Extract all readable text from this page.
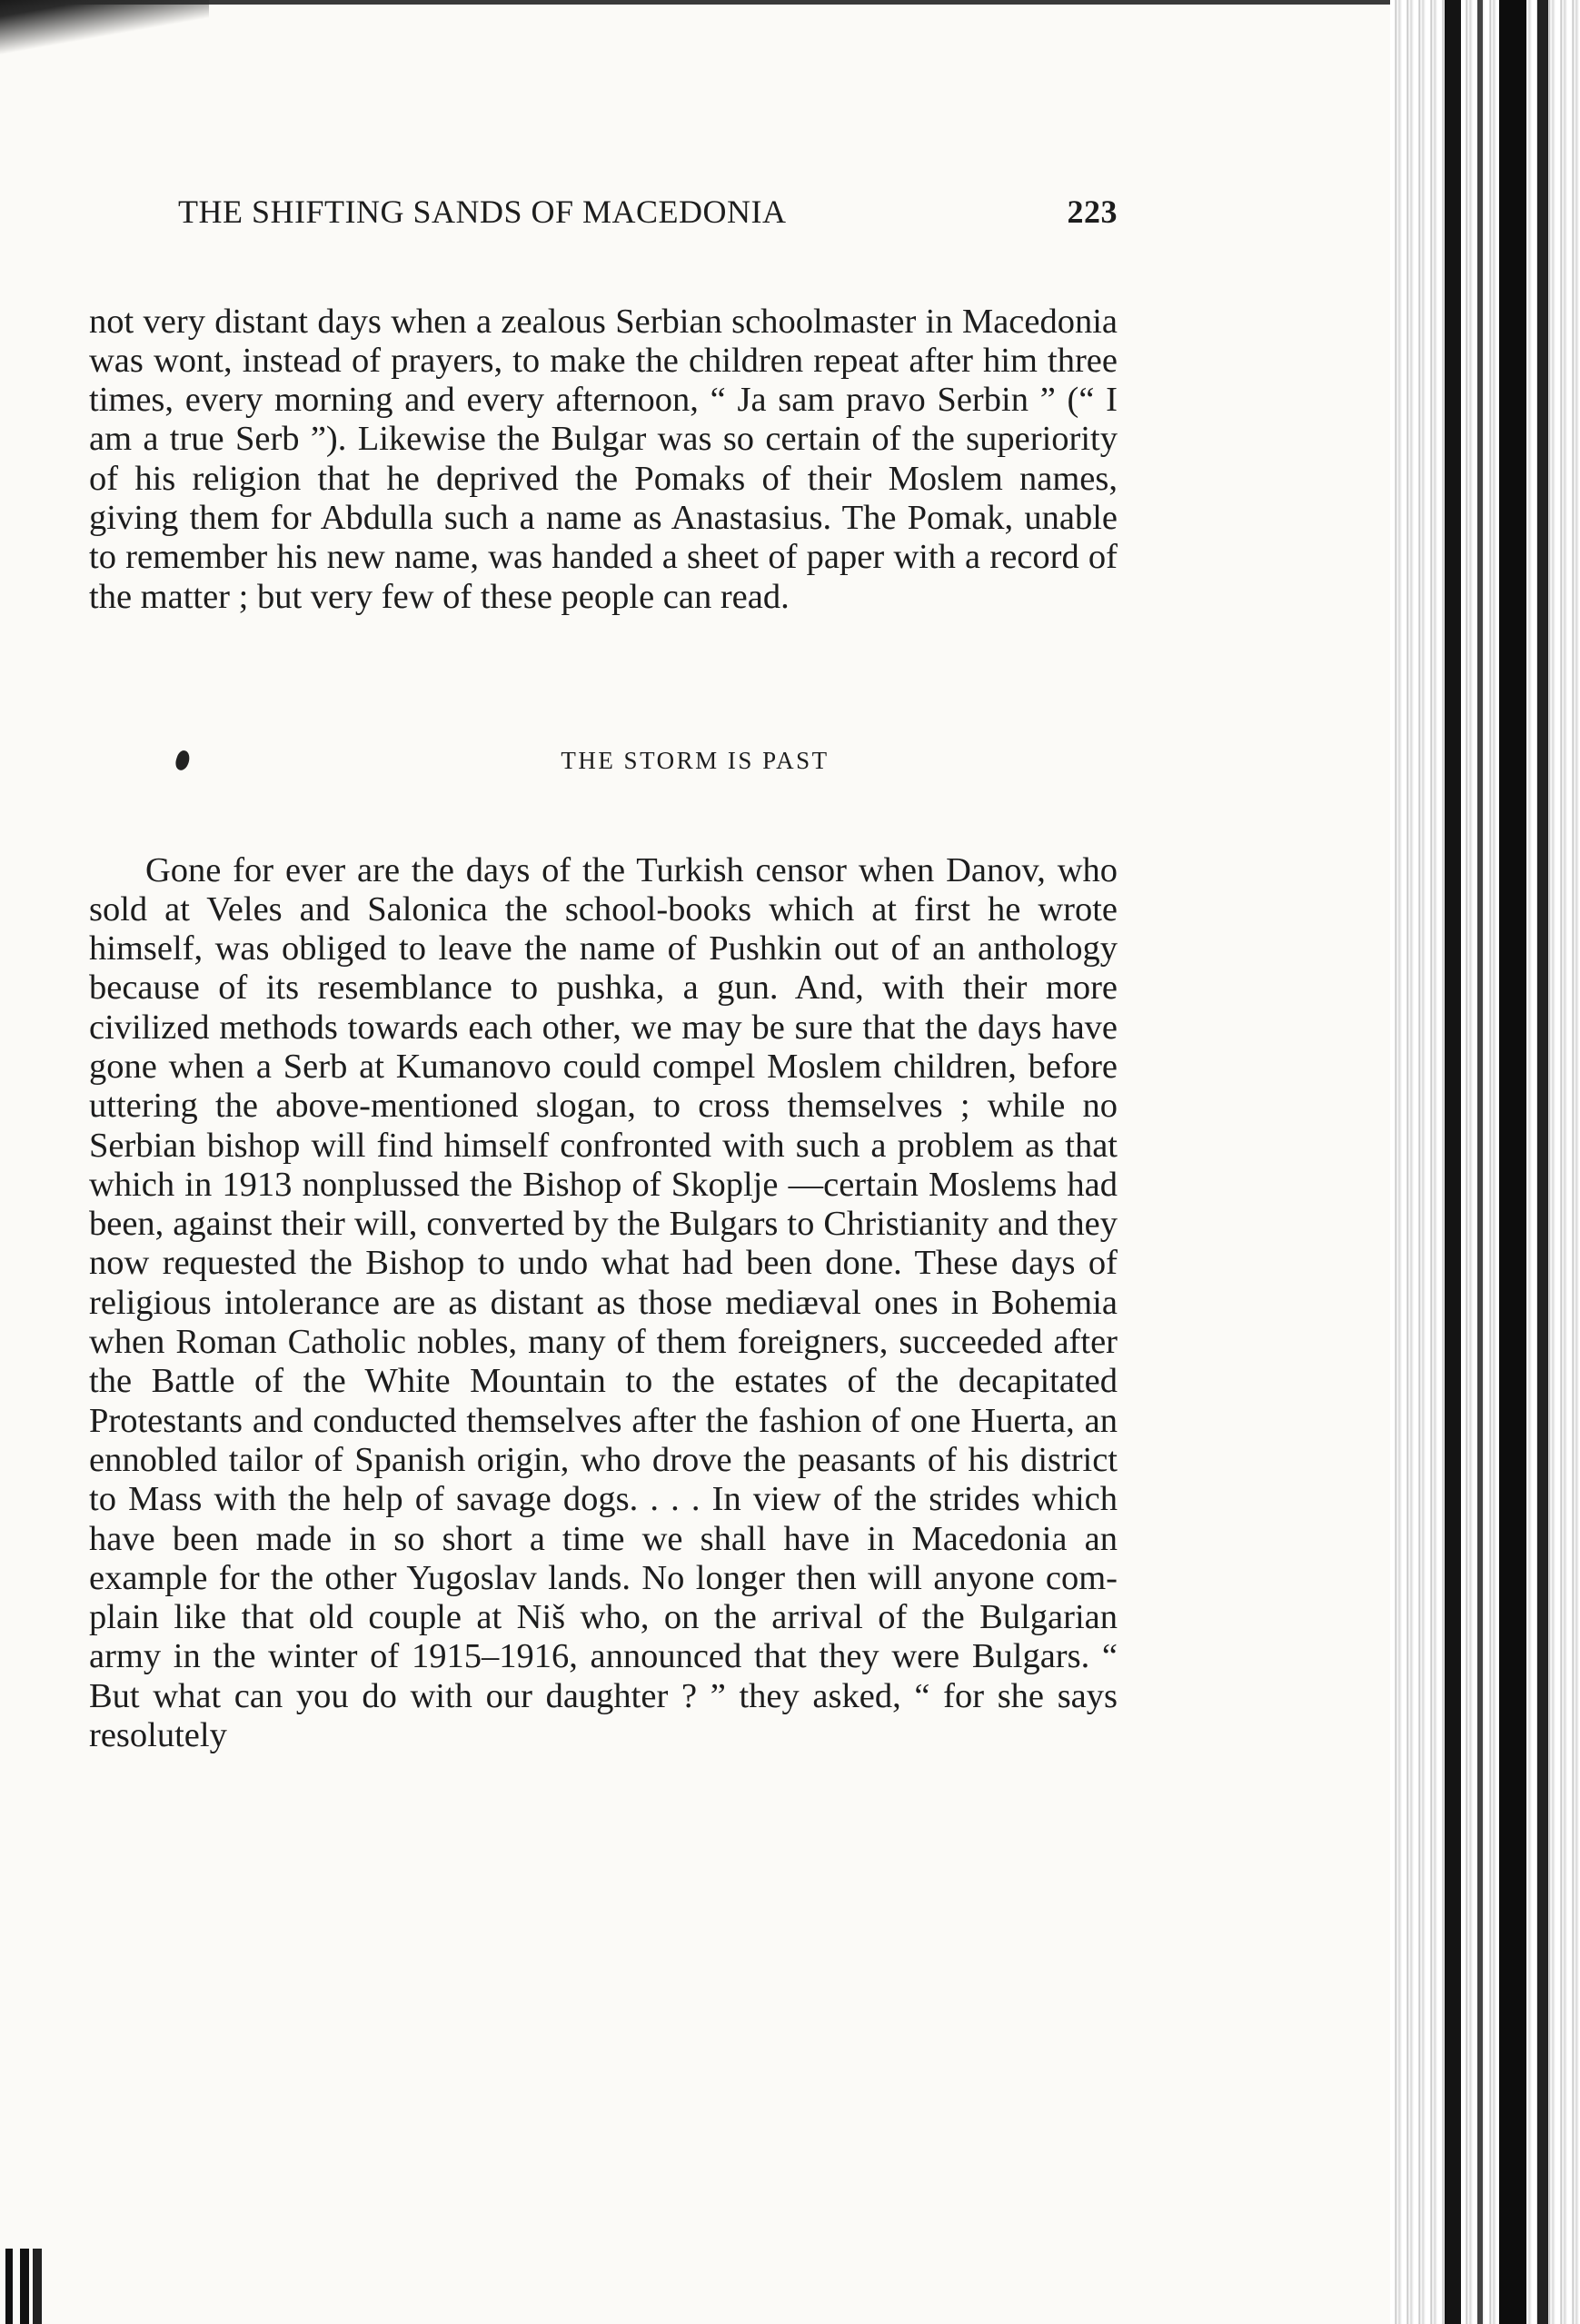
THE SHIFTING SANDS OF MACEDONIA	223

not very distant days when a zealous Serbian schoolmaster in Macedonia was wont, instead of prayers, to make the children repeat after him three times, every morning and every afternoon, “ Ja sam pravo Serbin ” (“ I am a true Serb ”). Likewise the Bulgar was so certain of the superiority of his religion that he deprived the Pomaks of their Moslem names, giving them for Abdulla such a name as Anastasius. The Pomak, unable to remember his new name, was handed a sheet of paper with a record of the matter ; but very few of these people can read.

THE STORM IS PAST

Gone for ever are the days of the Turkish censor when Danov, who sold at Veles and Salonica the school-books which at first he wrote himself, was obliged to leave the name of Pushkin out of an anthology because of its resemblance to pushka, a gun. And, with their more civilized methods towards each other, we may be sure that the days have gone when a Serb at Kumanovo could compel Moslem children, before uttering the above-mentioned slogan, to cross themselves ; while no Serbian bishop will find himself confronted with such a problem as that which in 1913 nonplussed the Bishop of Skoplje —certain Moslems had been, against their will, converted by the Bulgars to Christianity and they now requested the Bishop to undo what had been done. These days of religious intolerance are as distant as those mediæval ones in Bohemia when Roman Catholic nobles, many of them foreigners, succeeded after the Battle of the White Mountain to the estates of the decapitated Protestants and conducted themselves after the fashion of one Huerta, an ennobled tailor of Spanish origin, who drove the peasants of his district to Mass with the help of savage dogs. . . . In view of the strides which have been made in so short a time we shall have in Macedonia an example for the other Yugoslav lands. No longer then will anyone com-plain like that old couple at Niš who, on the arrival of the Bulgarian army in the winter of 1915–1916, announced that they were Bulgars. “ But what can you do with our daughter ? ” they asked, “ for she says resolutely
